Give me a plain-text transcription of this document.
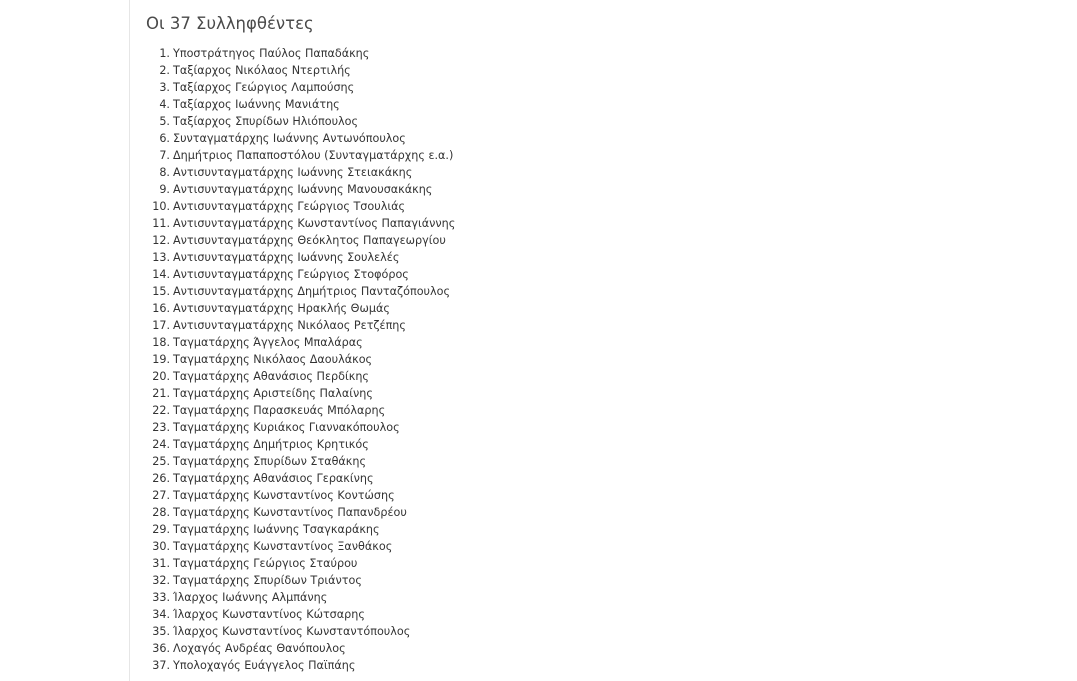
Οι 37 Συλληφθέντες
1. Υποστράτηγος Παύλος Παπαδάκης
2. Ταξίαρχος Νικόλαος Ντερτιλής
3. Ταξίαρχος Γεώργιος Λαμπούσης
4. Ταξίαρχος Ιωάννης Μανιάτης
5. Ταξίαρχος Σπυρίδων Ηλιόπουλος
6. Συνταγματάρχης Ιωάννης Αντωνόπουλος
7. Δημήτριος Παπαποστόλου (Συνταγματάρχης ε.α.)
8. Αντισυνταγματάρχης Ιωάννης Στειακάκης
9. Αντισυνταγματάρχης Ιωάννης Μανουσακάκης
10. Αντισυνταγματάρχης Γεώργιος Τσουλιάς
11. Αντισυνταγματάρχης Κωνσταντίνος Παπαγιάννης
12. Αντισυνταγματάρχης Θεόκλητος Παπαγεωργίου
13. Αντισυνταγματάρχης Ιωάννης Σουλελές
14. Αντισυνταγματάρχης Γεώργιος Στοφόρος
15. Αντισυνταγματάρχης Δημήτριος Πανταζόπουλος
16. Αντισυνταγματάρχης Ηρακλής Θωμάς
17. Αντισυνταγματάρχης Νικόλαος Ρετζέπης
18. Ταγματάρχης Άγγελος Μπαλάρας
19. Ταγματάρχης Νικόλαος Δαουλάκος
20. Ταγματάρχης Αθανάσιος Περδίκης
21. Ταγματάρχης Αριστείδης Παλαίνης
22. Ταγματάρχης Παρασκευάς Μπόλαρης
23. Ταγματάρχης Κυριάκος Γιαννακόπουλος
24. Ταγματάρχης Δημήτριος Κρητικός
25. Ταγματάρχης Σπυρίδων Σταθάκης
26. Ταγματάρχης Αθανάσιος Γερακίνης
27. Ταγματάρχης Κωνσταντίνος Κοντώσης
28. Ταγματάρχης Κωνσταντίνος Παπανδρέου
29. Ταγματάρχης Ιωάννης Τσαγκαράκης
30. Ταγματάρχης Κωνσταντίνος Ξανθάκος
31. Ταγματάρχης Γεώργιος Σταύρου
32. Ταγματάρχης Σπυρίδων Τριάντος
33. Ίλαρχος Ιωάννης Αλμπάνης
34. Ίλαρχος Κωνσταντίνος Κώτσαρης
35. Ίλαρχος Κωνσταντίνος Κωνσταντόπουλος
36. Λοχαγός Ανδρέας Θανόπουλος
37. Υπολοχαγός Ευάγγελος Παϊπάης
